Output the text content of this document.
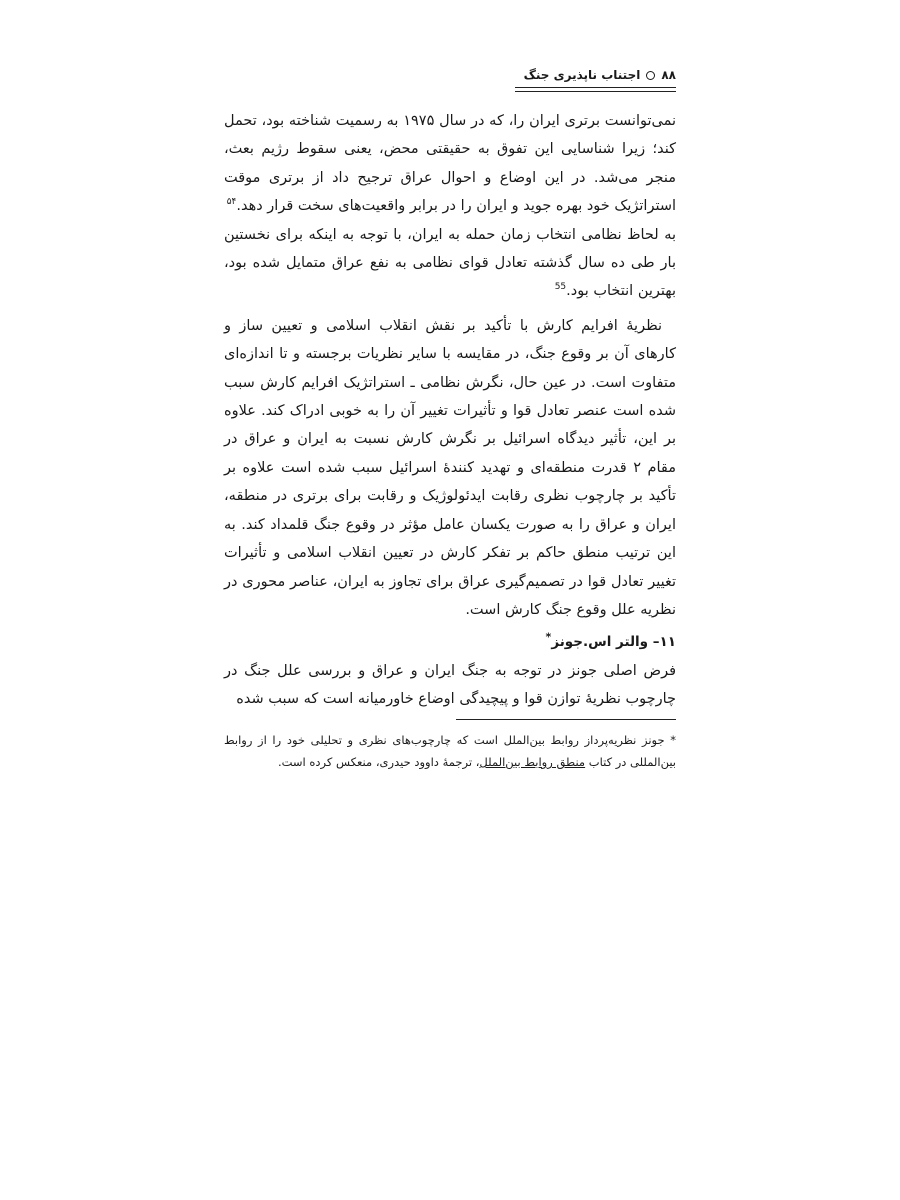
۸۸اجتناب ناپذیری جنگ

نمی‌توانست برتری ایران را، که در سال ۱۹۷۵ به رسمیت شناخته بود، تحمل کند؛ زیرا شناسایی این تفوق به حقیقتی محض، یعنی سقوط رژیم بعث، منجر می‌شد. در این اوضاع و احوال عراق ترجیح داد از برتری موقت استراتژیک خود بهره جوید و ایران را در برابر واقعیت‌های سخت قرار دهد.$^{۵۴}$
به لحاظ نظامی انتخاب زمان حمله به ایران، با توجه به اینکه برای نخستین بار طی ده سال گذشته تعادل قوای نظامی به نفع عراق متمایل شده بود، بهترین انتخاب بود.$^{55}$

نظریهٔ افرایم کارش با تأکید بر نقش انقلاب اسلامی و تعیین ساز و کارهای آن بر وقوع جنگ، در مقایسه با سایر نظریات برجسته و تا اندازه‌ای متفاوت است. در عین حال، نگرش نظامی ـ استراتژیک افرایم کارش سبب شده است عنصر تعادل قوا و تأثیرات تغییر آن را به خوبی ادراک کند. علاوه بر این، تأثیر دیدگاه اسرائیل بر نگرش کارش نسبت به ایران و عراق در مقام ۲ قدرت منطقه‌ای و تهدید کنندهٔ اسرائیل سبب شده است علاوه بر تأکید بر چارچوب نظری رقابت ایدئولوژیک و رقابت برای برتری در منطقه، ایران و عراق را به صورت یکسان عامل مؤثر در وقوع جنگ قلمداد کند. به این ترتیب منطق حاکم بر تفکر کارش در تعیین انقلاب اسلامی و تأثیرات تغییر تعادل قوا در تصمیم‌گیری عراق برای تجاوز به ایران، عناصر محوری در نظریه علل وقوع جنگ کارش است.

۱۱– والتر اس.جونز*

فرض اصلی جونز در توجه به جنگ ایران و عراق و بررسی علل جنگ در چارچوب نظریهٔ توازن قوا و پیچیدگی اوضاع خاورمیانه است که سبب شده

* جونز نظریه‌پرداز روابط بین‌الملل است که چارچوب‌های نظری و تحلیلی خود را از روابط بین‌المللی در کتاب منطق روابط بین‌الملل، ترجمهٔ داوود حیدری، منعکس کرده است.
